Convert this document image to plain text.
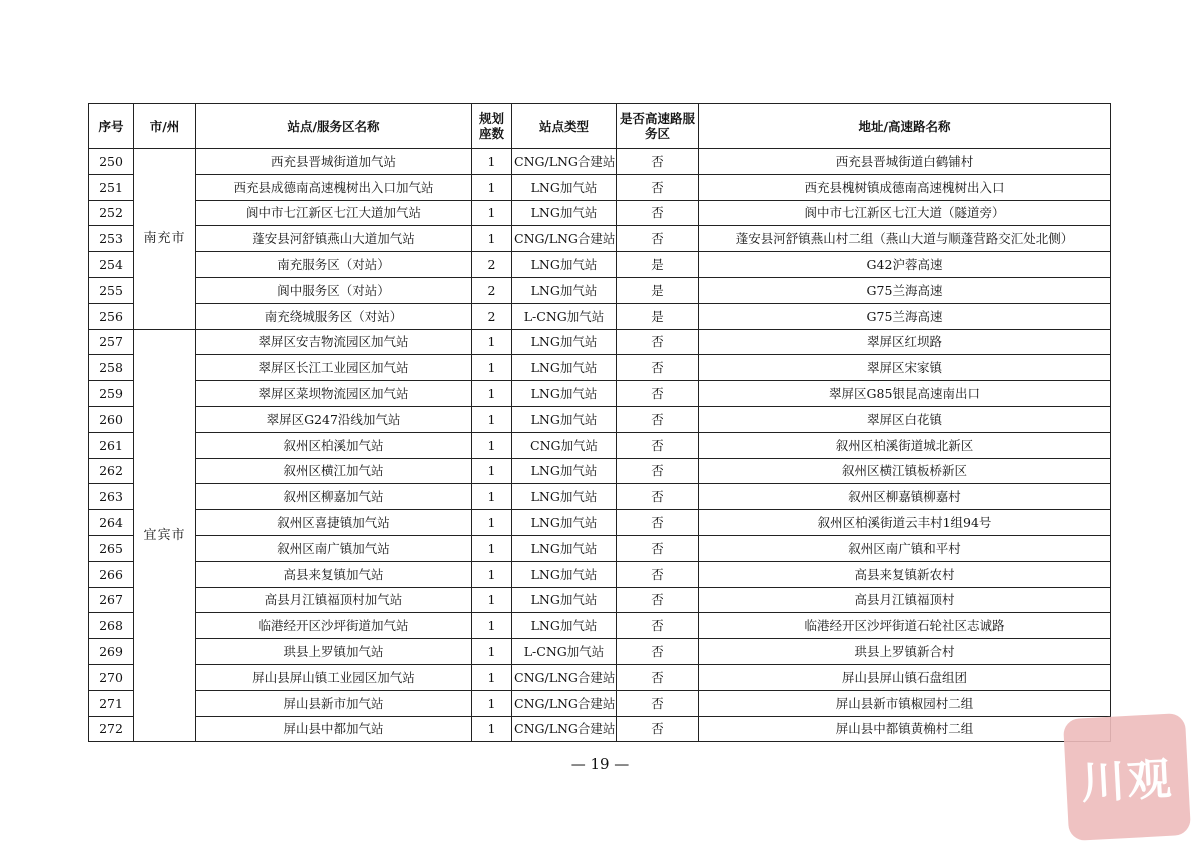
序号	市/州	站点/服务区名称	规划座数	站点类型	是否高速路服务区	地址/高速路名称
250	南充市	西充县晋城街道加气站	1	CNG/LNG合建站	否	西充县晋城街道白鹤铺村
251		西充县成德南高速槐树出入口加气站	1	LNG加气站	否	西充县槐树镇成德南高速槐树出入口
252		阆中市七江新区七江大道加气站	1	LNG加气站	否	阆中市七江新区七江大道（隧道旁）
253		蓬安县河舒镇燕山大道加气站	1	CNG/LNG合建站	否	蓬安县河舒镇燕山村二组（燕山大道与顺蓬营路交汇处北侧）
254		南充服务区（对站）	2	LNG加气站	是	G42沪蓉高速
255		阆中服务区（对站）	2	LNG加气站	是	G75兰海高速
256		南充绕城服务区（对站）	2	L-CNG加气站	是	G75兰海高速
257	宜宾市	翠屏区安吉物流园区加气站	1	LNG加气站	否	翠屏区红坝路
258		翠屏区长江工业园区加气站	1	LNG加气站	否	翠屏区宋家镇
259		翠屏区菜坝物流园区加气站	1	LNG加气站	否	翠屏区G85银昆高速南出口
260		翠屏区G247沿线加气站	1	LNG加气站	否	翠屏区白花镇
261		叙州区柏溪加气站	1	CNG加气站	否	叙州区柏溪街道城北新区
262		叙州区横江加气站	1	LNG加气站	否	叙州区横江镇板桥新区
263		叙州区柳嘉加气站	1	LNG加气站	否	叙州区柳嘉镇柳嘉村
264		叙州区喜捷镇加气站	1	LNG加气站	否	叙州区柏溪街道云丰村1组94号
265		叙州区南广镇加气站	1	LNG加气站	否	叙州区南广镇和平村
266		高县来复镇加气站	1	LNG加气站	否	高县来复镇新农村
267		高县月江镇福顶村加气站	1	LNG加气站	否	高县月江镇福顶村
268		临港经开区沙坪街道加气站	1	LNG加气站	否	临港经开区沙坪街道石轮社区志诚路
269		珙县上罗镇加气站	1	L-CNG加气站	否	珙县上罗镇新合村
270		屏山县屏山镇工业园区加气站	1	CNG/LNG合建站	否	屏山县屏山镇石盘组团
271		屏山县新市加气站	1	CNG/LNG合建站	否	屏山县新市镇椒园村二组
272		屏山县中都加气站	1	CNG/LNG合建站	否	屏山县中都镇黄桷村二组
— 19 —	川观
